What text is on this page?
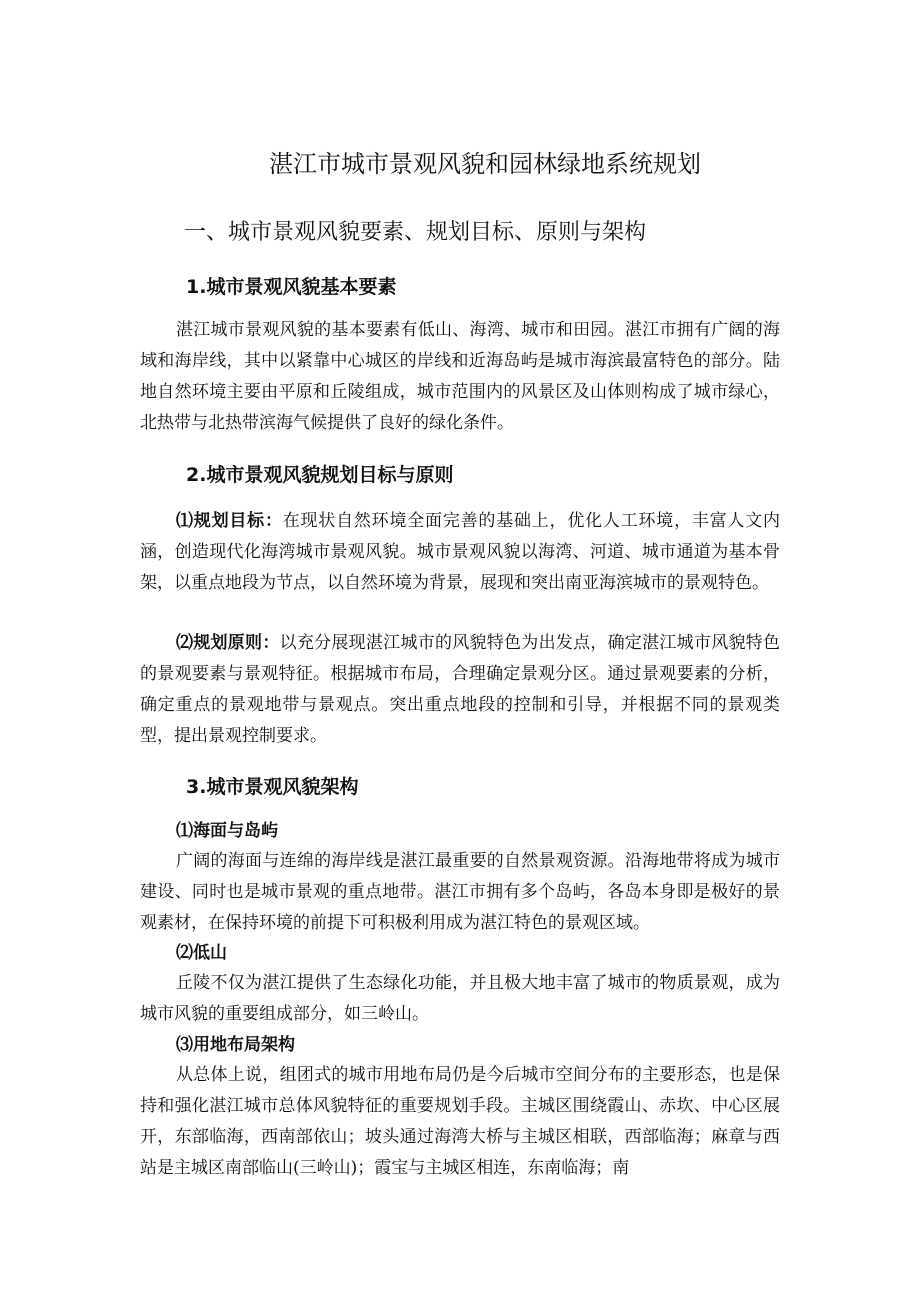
湛江市城市景观风貌和园林绿地系统规划
一、城市景观风貌要素、规划目标、原则与架构
1.城市景观风貌基本要素

湛江城市景观风貌的基本要素有低山、海湾、城市和田园。湛江市拥有广阔的海域和海岸线，其中以紧靠中心城区的岸线和近海岛屿是城市海滨最富特色的部分。陆地自然环境主要由平原和丘陵组成，城市范围内的风景区及山体则构成了城市绿心，北热带与北热带滨海气候提供了良好的绿化条件。

2.城市景观风貌规划目标与原则

⑴规划目标：在现状自然环境全面完善的基础上，优化人工环境，丰富人文内涵，创造现代化海湾城市景观风貌。城市景观风貌以海湾、河道、城市通道为基本骨架，以重点地段为节点，以自然环境为背景，展现和突出南亚海滨城市的景观特色。

⑵规划原则：以充分展现湛江城市的风貌特色为出发点，确定湛江城市风貌特色的景观要素与景观特征。根据城市布局，合理确定景观分区。通过景观要素的分析，确定重点的景观地带与景观点。突出重点地段的控制和引导，并根据不同的景观类型，提出景观控制要求。

3.城市景观风貌架构
⑴海面与岛屿

广阔的海面与连绵的海岸线是湛江最重要的自然景观资源。沿海地带将成为城市建设、同时也是城市景观的重点地带。湛江市拥有多个岛屿，各岛本身即是极好的景观素材，在保持环境的前提下可积极利用成为湛江特色的景观区域。

⑵低山

丘陵不仅为湛江提供了生态绿化功能，并且极大地丰富了城市的物质景观，成为城市风貌的重要组成部分，如三岭山。

⑶用地布局架构

从总体上说，组团式的城市用地布局仍是今后城市空间分布的主要形态，也是保持和强化湛江城市总体风貌特征的重要规划手段。主城区围绕霞山、赤坎、中心区展开，东部临海，西南部依山；坡头通过海湾大桥与主城区相联，西部临海；麻章与西站是主城区南部临山(三岭山)；霞宝与主城区相连，东南临海；南
